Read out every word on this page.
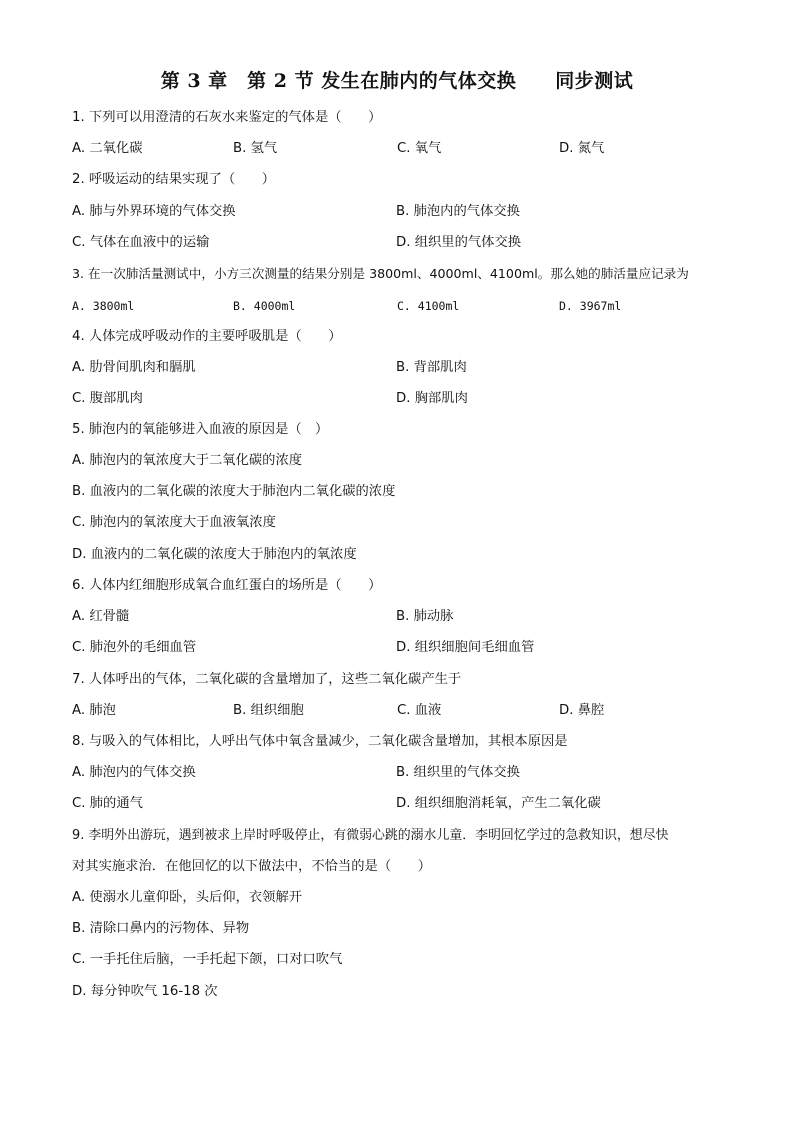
第 3 章　第 2 节 发生在肺内的气体交换　　同步测试
1. 下列可以用澄清的石灰水来鉴定的气体是（　　）
A. 二氧化碳	B. 氢气	C. 氧气	D. 氮气
2. 呼吸运动的结果实现了（　　）
A. 肺与外界环境的气体交换	B. 肺泡内的气体交换
C. 气体在血液中的运输	D. 组织里的气体交换
3. 在一次肺活量测试中，小方三次测量的结果分别是 3800ml、4000ml、4100ml。那么她的肺活量应记录为
A. 3800ml	B. 4000ml	C. 4100ml	D. 3967ml
4. 人体完成呼吸动作的主要呼吸肌是（　　）
A. 肋骨间肌肉和膈肌	B. 背部肌肉
C. 腹部肌肉	D. 胸部肌肉
5. 肺泡内的氧能够进入血液的原因是（　）
A. 肺泡内的氧浓度大于二氧化碳的浓度
B. 血液内的二氧化碳的浓度大于肺泡内二氧化碳的浓度
C. 肺泡内的氧浓度大于血液氧浓度
D. 血液内的二氧化碳的浓度大于肺泡内的氧浓度
6. 人体内红细胞形成氧合血红蛋白的场所是（　　）
A. 红骨髓	B. 肺动脉
C. 肺泡外的毛细血管	D. 组织细胞间毛细血管
7. 人体呼出的气体，二氧化碳的含量增加了，这些二氧化碳产生于
A. 肺泡	B. 组织细胞	C. 血液	D. 鼻腔
8. 与吸入的气体相比，人呼出气体中氧含量减少，二氧化碳含量增加，其根本原因是
A. 肺泡内的气体交换	B. 组织里的气体交换
C. 肺的通气	D. 组织细胞消耗氧，产生二氧化碳
9. 李明外出游玩，遇到被求上岸时呼吸停止，有微弱心跳的溺水儿童．李明回忆学过的急救知识，想尽快
对其实施求治．在他回忆的以下做法中，不恰当的是（　　）
A. 使溺水儿童仰卧，头后仰，衣领解开
B. 清除口鼻内的污物体、异物
C. 一手托住后脑，一手托起下颌，口对口吹气
D. 每分钟吹气 16-18 次
